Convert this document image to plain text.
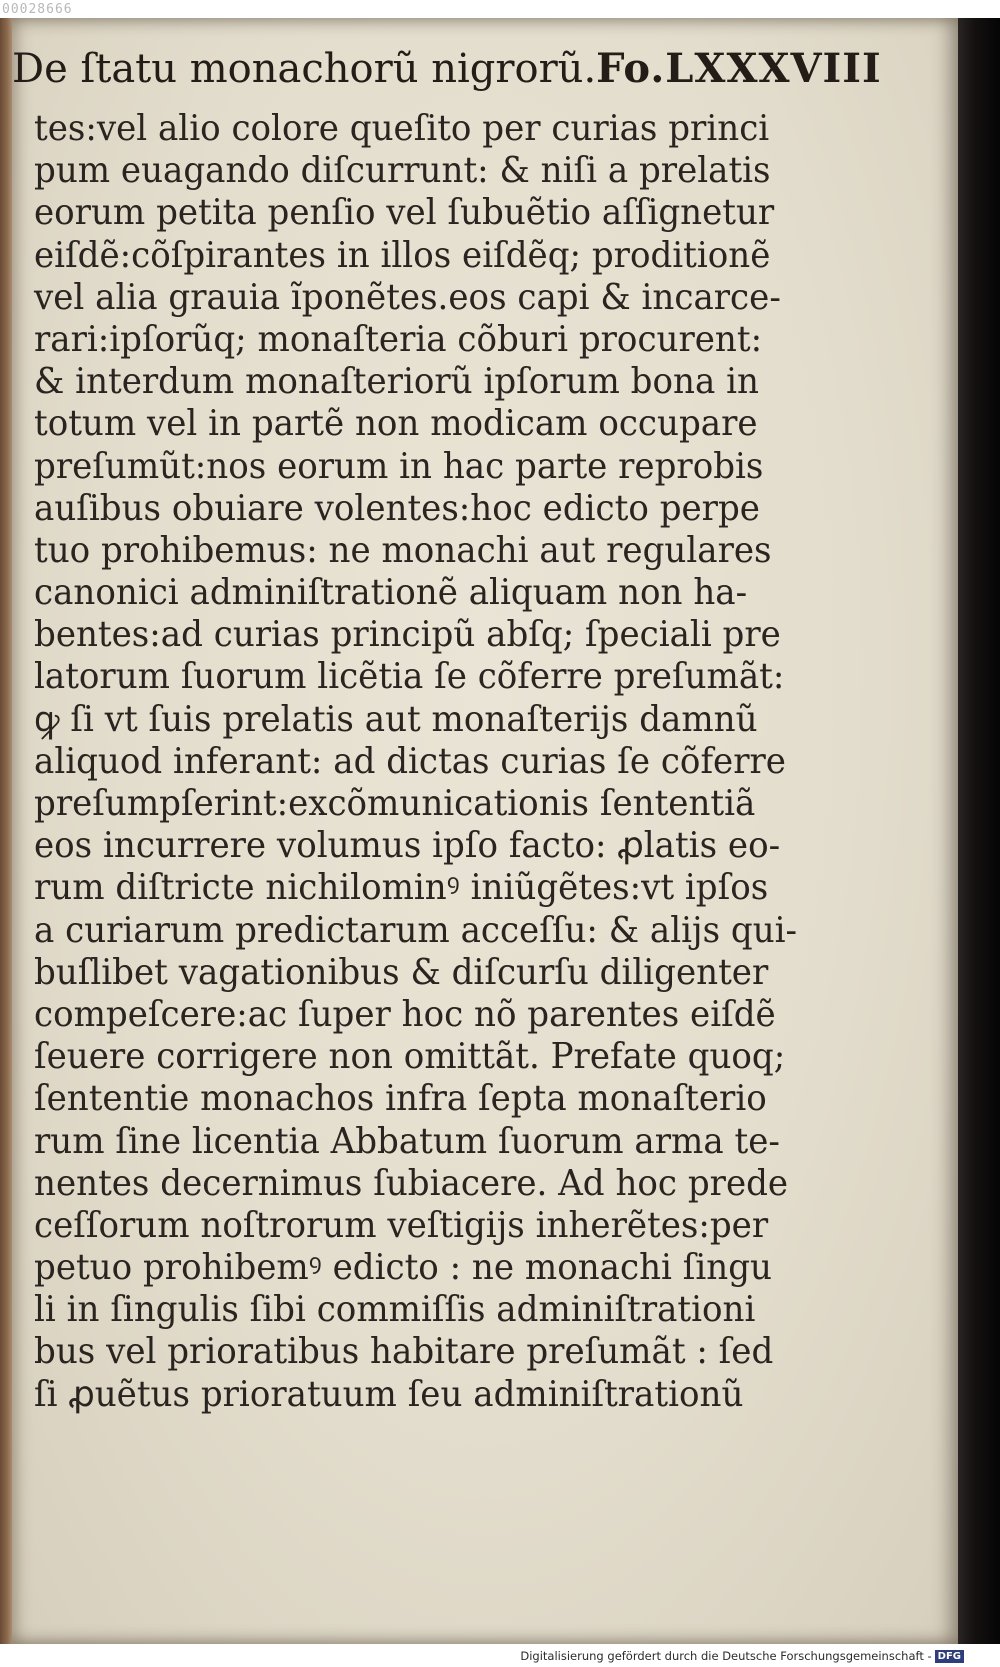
00028666
De ſtatu monachorũ nigrorũ.Fo.LXXXVIII
tes:vel alio colore queſito per curias princi
pum euagando diſcurrunt: & niſi a prelatis
eorum petita penſio vel ſubuẽtio aſſignetur
eiſdẽ:cõſpirantes in illos eiſdẽq; proditionẽ
vel alia grauia ĩponẽtes.eos capi & incarce-
rari:ipſorũq; monaſteria cõburi procurent:
& interdum monaſteriorũ ipſorum bona in
totum vel in partẽ non modicam occupare
preſumũt:nos eorum in hac parte reprobis
auſibus obuiare volentes:hoc edicto perpe
tuo prohibemus: ne monachi aut regulares
canonici adminiſtrationẽ aliquam non ha-
bentes:ad curias principũ abſq; ſpeciali pre
latorum ſuorum licẽtia ſe cõferre preſumãt:
ꝙ ſi vt ſuis prelatis aut monaſterijs damnũ
aliquod inferant: ad dictas curias ſe cõferre
preſumpſerint:excõmunicationis ſententiã
eos incurrere volumus ipſo facto: ꝓlatis eo-
rum diſtricte nichilominꝰ iniũgẽtes:vt ipſos
a curiarum predictarum acceſſu: & alijs qui-
buſlibet vagationibus & diſcurſu diligenter
compeſcere:ac ſuper hoc nõ parentes eiſdẽ
ſeuere corrigere non omittãt. Prefate quoq;
ſententie monachos infra ſepta monaſterio
rum ſine licentia Abbatum ſuorum arma te-
nentes decernimus ſubiacere. Ad hoc prede
ceſſorum noſtrorum veſtigijs inherẽtes:per
petuo prohibemꝰ edicto : ne monachi ſingu
li in ſingulis ſibi commiſſis adminiſtrationi
bus vel prioratibus habitare preſumãt : ſed
ſi ꝓuẽtus prioratuum ſeu adminiſtrationũ
Digitalisierung gefördert durch die Deutsche Forschungsgemeinschaft - DFG
